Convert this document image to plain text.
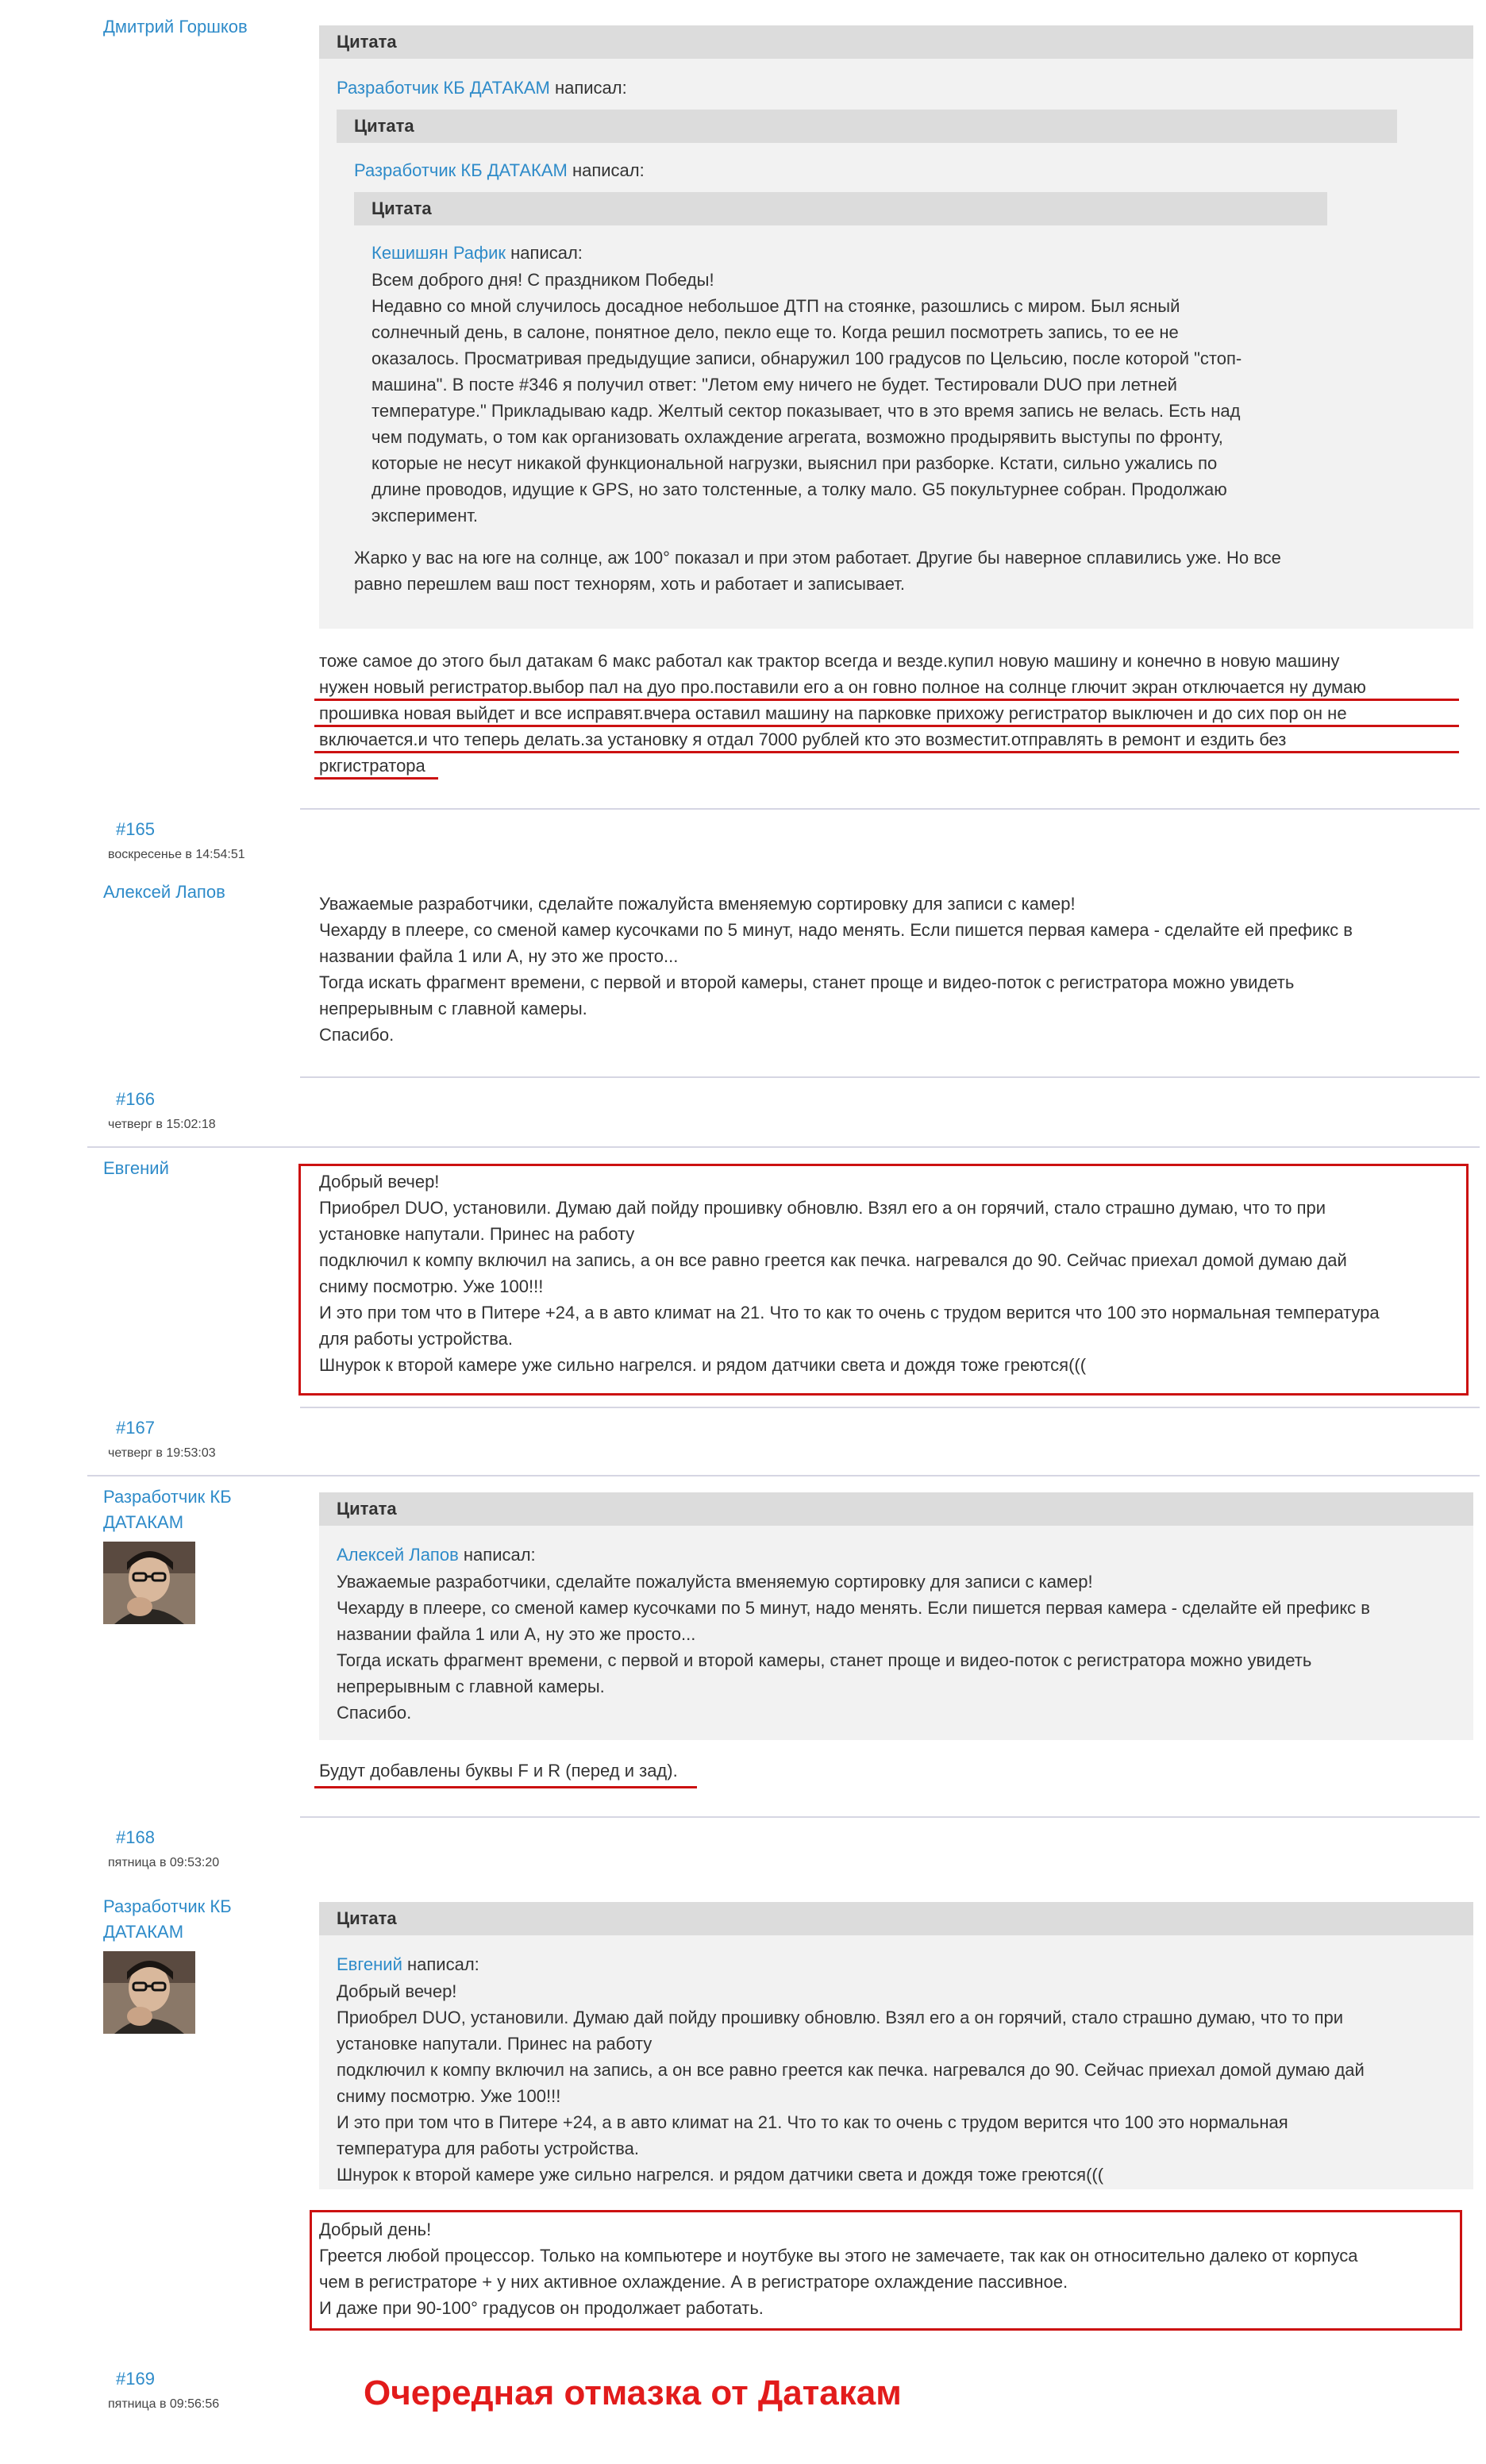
Дмитрий Горшков
Цитата
Разработчик КБ ДАТАКАМ написал:
Цитата
Разработчик КБ ДАТАКАМ написал:
Цитата
Кешишян Рафик написал:
Всем доброго дня! С праздником Победы!
Недавно со мной случилось досадное небольшое ДТП на стоянке, разошлись с миром. Был ясный
солнечный день, в салоне, понятное дело, пекло еще то. Когда решил посмотреть запись, то ее не
оказалось. Просматривая предыдущие записи, обнаружил 100 градусов по Цельсию, после которой "стоп-
машина". В посте #346 я получил ответ: "Летом ему ничего не будет. Тестировали DUO при летней
температуре." Прикладываю кадр. Желтый сектор показывает, что в это время запись не велась. Есть над
чем подумать, о том как организовать охлаждение агрегата, возможно продырявить выступы по фронту,
которые не несут никакой функциональной нагрузки, выяснил при разборке. Кстати, сильно ужались по
длине проводов, идущие к GPS, но зато толстенные, а толку мало. G5 покультурнее собран. Продолжаю
эксперимент.
Жарко у вас на юге на солнце, аж 100° показал и при этом работает. Другие бы наверное сплавились уже. Но все
равно перешлем ваш пост технорям, хоть и работает и записывает.
тоже самое до этого был датакам 6 макс работал как трактор всегда и везде.купил новую машину и конечно в новую машину
нужен новый регистратор.выбор пал на дуо про.поставили его а он говно полное на солнце глючит экран отключается ну думаю
прошивка новая выйдет и все исправят.вчера оставил машину на парковке прихожу регистратор выключен и до сих пор он не
включается.и что теперь делать.за установку я отдал 7000 рублей кто это возместит.отправлять в ремонт и ездить без
ркгистратора
#165
воскресенье в 14:54:51
Алексей Лапов
Уважаемые разработчики, сделайте пожалуйста вменяемую сортировку для записи с камер!
Чехарду в плеере, со сменой камер кусочками по 5 минут, надо менять. Если пишется первая камера - сделайте ей префикс в
названии файла 1 или А, ну это же просто...
Тогда искать фрагмент времени, с первой и второй камеры, станет проще и видео-поток с регистратора можно увидеть
непрерывным с главной камеры.
Спасибо.
#166
четверг в 15:02:18
Евгений
Добрый вечер!
Приобрел DUO, установили. Думаю дай пойду прошивку обновлю. Взял его а он горячий, стало страшно думаю, что то при
установке напутали. Принес на работу
подключил к компу включил на запись, а он все равно греется как печка. нагревался до 90. Сейчас приехал домой думаю дай
сниму посмотрю. Уже 100!!!
И это при том что в Питере +24, а в авто климат на 21. Что то как то очень с трудом верится что 100 это нормальная температура
для работы устройства.
Шнурок к второй камере уже сильно нагрелся. и рядом датчики света и дождя тоже греются(((
#167
четверг в 19:53:03
Разработчик КБ
ДАТАКАМ
Цитата
Алексей Лапов написал:
Уважаемые разработчики, сделайте пожалуйста вменяемую сортировку для записи с камер!
Чехарду в плеере, со сменой камер кусочками по 5 минут, надо менять. Если пишется первая камера - сделайте ей префикс в
названии файла 1 или А, ну это же просто...
Тогда искать фрагмент времени, с первой и второй камеры, станет проще и видео-поток с регистратора можно увидеть
непрерывным с главной камеры.
Спасибо.
Будут добавлены буквы F и R (перед и зад).
#168
пятница в 09:53:20
Разработчик КБ
ДАТАКАМ
Цитата
Евгений написал:
Добрый вечер!
Приобрел DUO, установили. Думаю дай пойду прошивку обновлю. Взял его а он горячий, стало страшно думаю, что то при
установке напутали. Принес на работу
подключил к компу включил на запись, а он все равно греется как печка. нагревался до 90. Сейчас приехал домой думаю дай
сниму посмотрю. Уже 100!!!
И это при том что в Питере +24, а в авто климат на 21. Что то как то очень с трудом верится что 100 это нормальная
температура для работы устройства.
Шнурок к второй камере уже сильно нагрелся. и рядом датчики света и дождя тоже греются(((
Добрый день!
Греется любой процессор. Только на компьютере и ноутбуке вы этого не замечаете, так как он относительно далеко от корпуса
чем в регистраторе + у них активное охлаждение. А в регистраторе охлаждение пассивное.
И даже при 90-100° градусов он продолжает работать.
#169
пятница в 09:56:56	Очередная отмазка от Датакам
